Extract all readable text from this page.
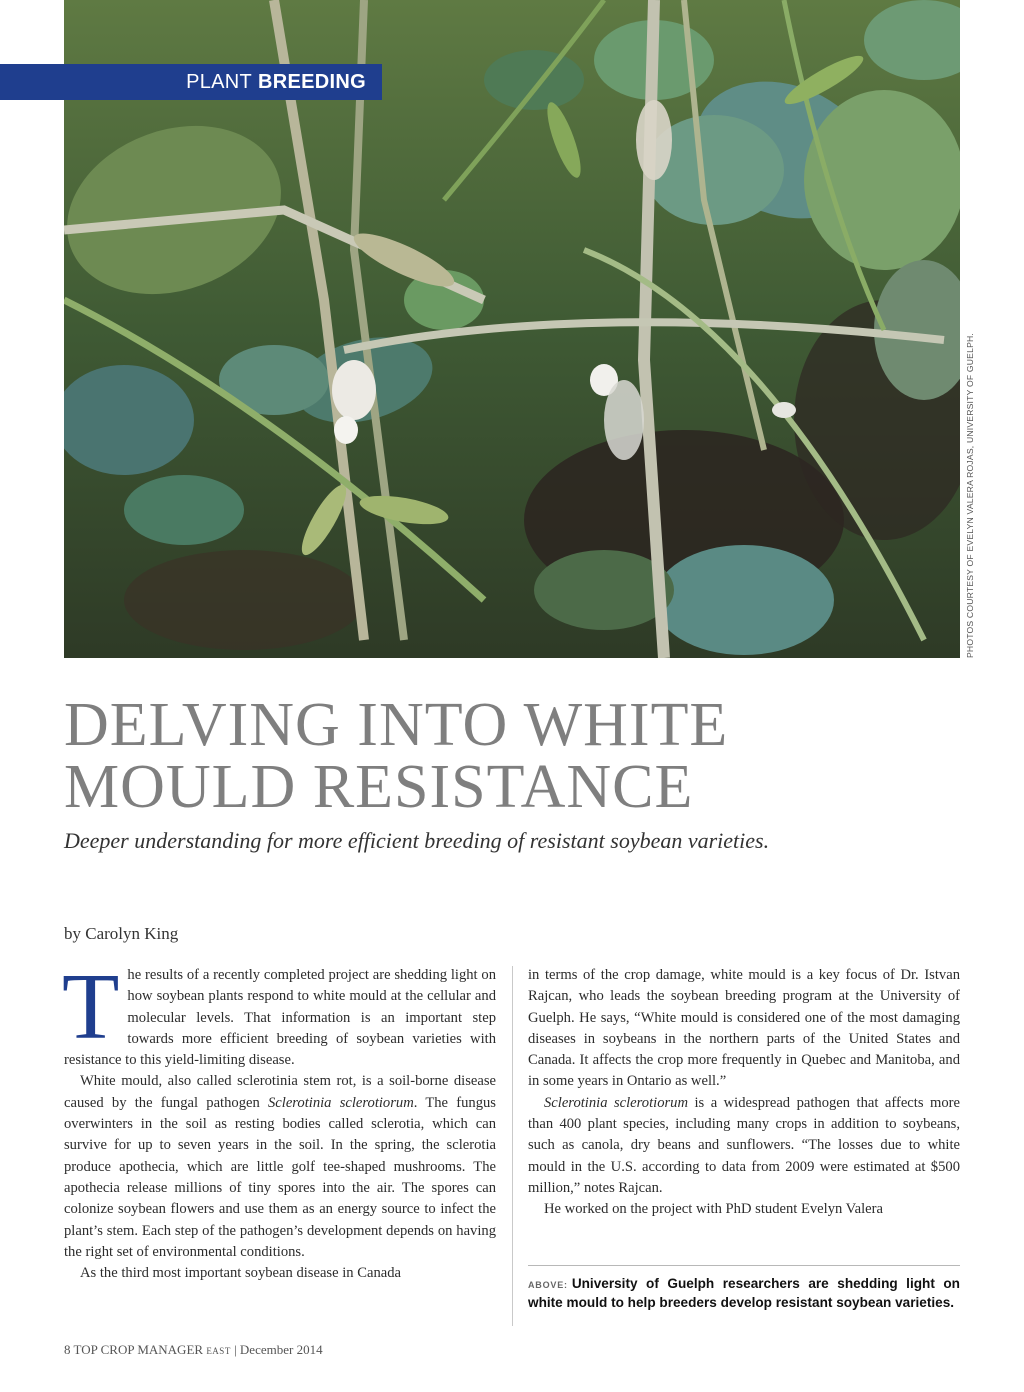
PLANT BREEDING
PHOTOS COURTESY OF EVELYN VALERA ROJAS, UNIVERSITY OF GUELPH.
DELVING INTO WHITE
MOULD RESISTANCE

Deeper understanding for more efficient breeding of resistant soybean varieties.

by Carolyn King

The results of a recently completed project are shedding light on how soybean plants respond to white mould at the cellular and molecular levels. That information is an important step towards more efficient breeding of soybean varieties with resistance to this yield-limiting disease.

White mould, also called sclerotinia stem rot, is a soil-borne disease caused by the fungal pathogen Sclerotinia sclerotiorum. The fungus overwinters in the soil as resting bodies called sclerotia, which can survive for up to seven years in the soil. In the spring, the sclerotia produce apothecia, which are little golf tee-shaped mushrooms. The apothecia release millions of tiny spores into the air. The spores can colonize soybean flowers and use them as an energy source to infect the plant’s stem. Each step of the pathogen’s development depends on having the right set of environmental conditions.

As the third most important soybean disease in Canada

in terms of the crop damage, white mould is a key focus of Dr. Istvan Rajcan, who leads the soybean breeding program at the University of Guelph. He says, “White mould is considered one of the most damaging diseases in soybeans in the northern parts of the United States and Canada. It affects the crop more frequently in Quebec and Manitoba, and in some years in Ontario as well.”

Sclerotinia sclerotiorum is a widespread pathogen that affects more than 400 plant species, including many crops in addition to soybeans, such as canola, dry beans and sunflowers. “The losses due to white mould in the U.S. according to data from 2009 were estimated at $500 million,” notes Rajcan.

He worked on the project with PhD student Evelyn Valera

ABOVE: University of Guelph researchers are shedding light on white mould to help breeders develop resistant soybean varieties.
8 TOP CROP MANAGER EAST | December 2014
